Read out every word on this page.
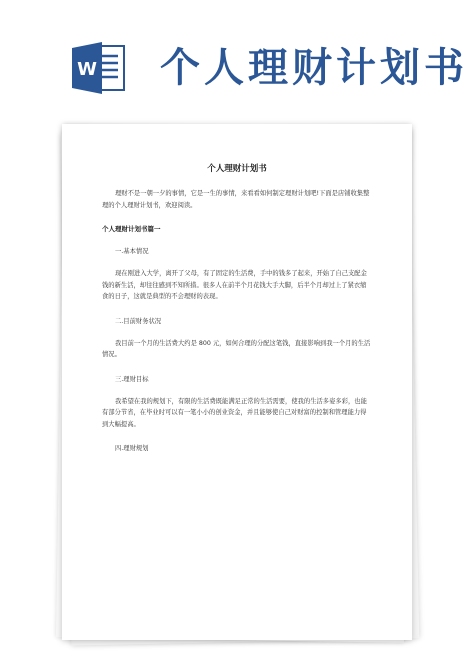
W 个人理财计划书
个人理财计划书

理财不是一朝一夕的事情，它是一生的事情，来看看如何制定理财计划吧!下面是店铺收集整理的个人理财计划书，欢迎阅读。

个人理财计划书篇一
一.基本情况

现在刚进入大学，离开了父母，有了固定的生活费，手中的钱多了起来，开始了自己支配金钱的新生活，却往往感到不知所措。很多人在前半个月花钱大手大脚，后半个月却过上了紧衣缩食的日子，这就是典型的不会理财的表现。

二.目前财务状况

我目前一个月的生活费大约是 800 元，如何合理的分配这笔钱，直接影响到我一个月的生活情况。

三.理财目标

我希望在我的规划下，有限的生活费既能满足正常的生活需要，使我的生活多姿多彩，也能有部分节省，在毕业时可以有一笔小小的创业资金，并且能够使自己对财富的控制和管理能力得到大幅提高。

四.理财规划
